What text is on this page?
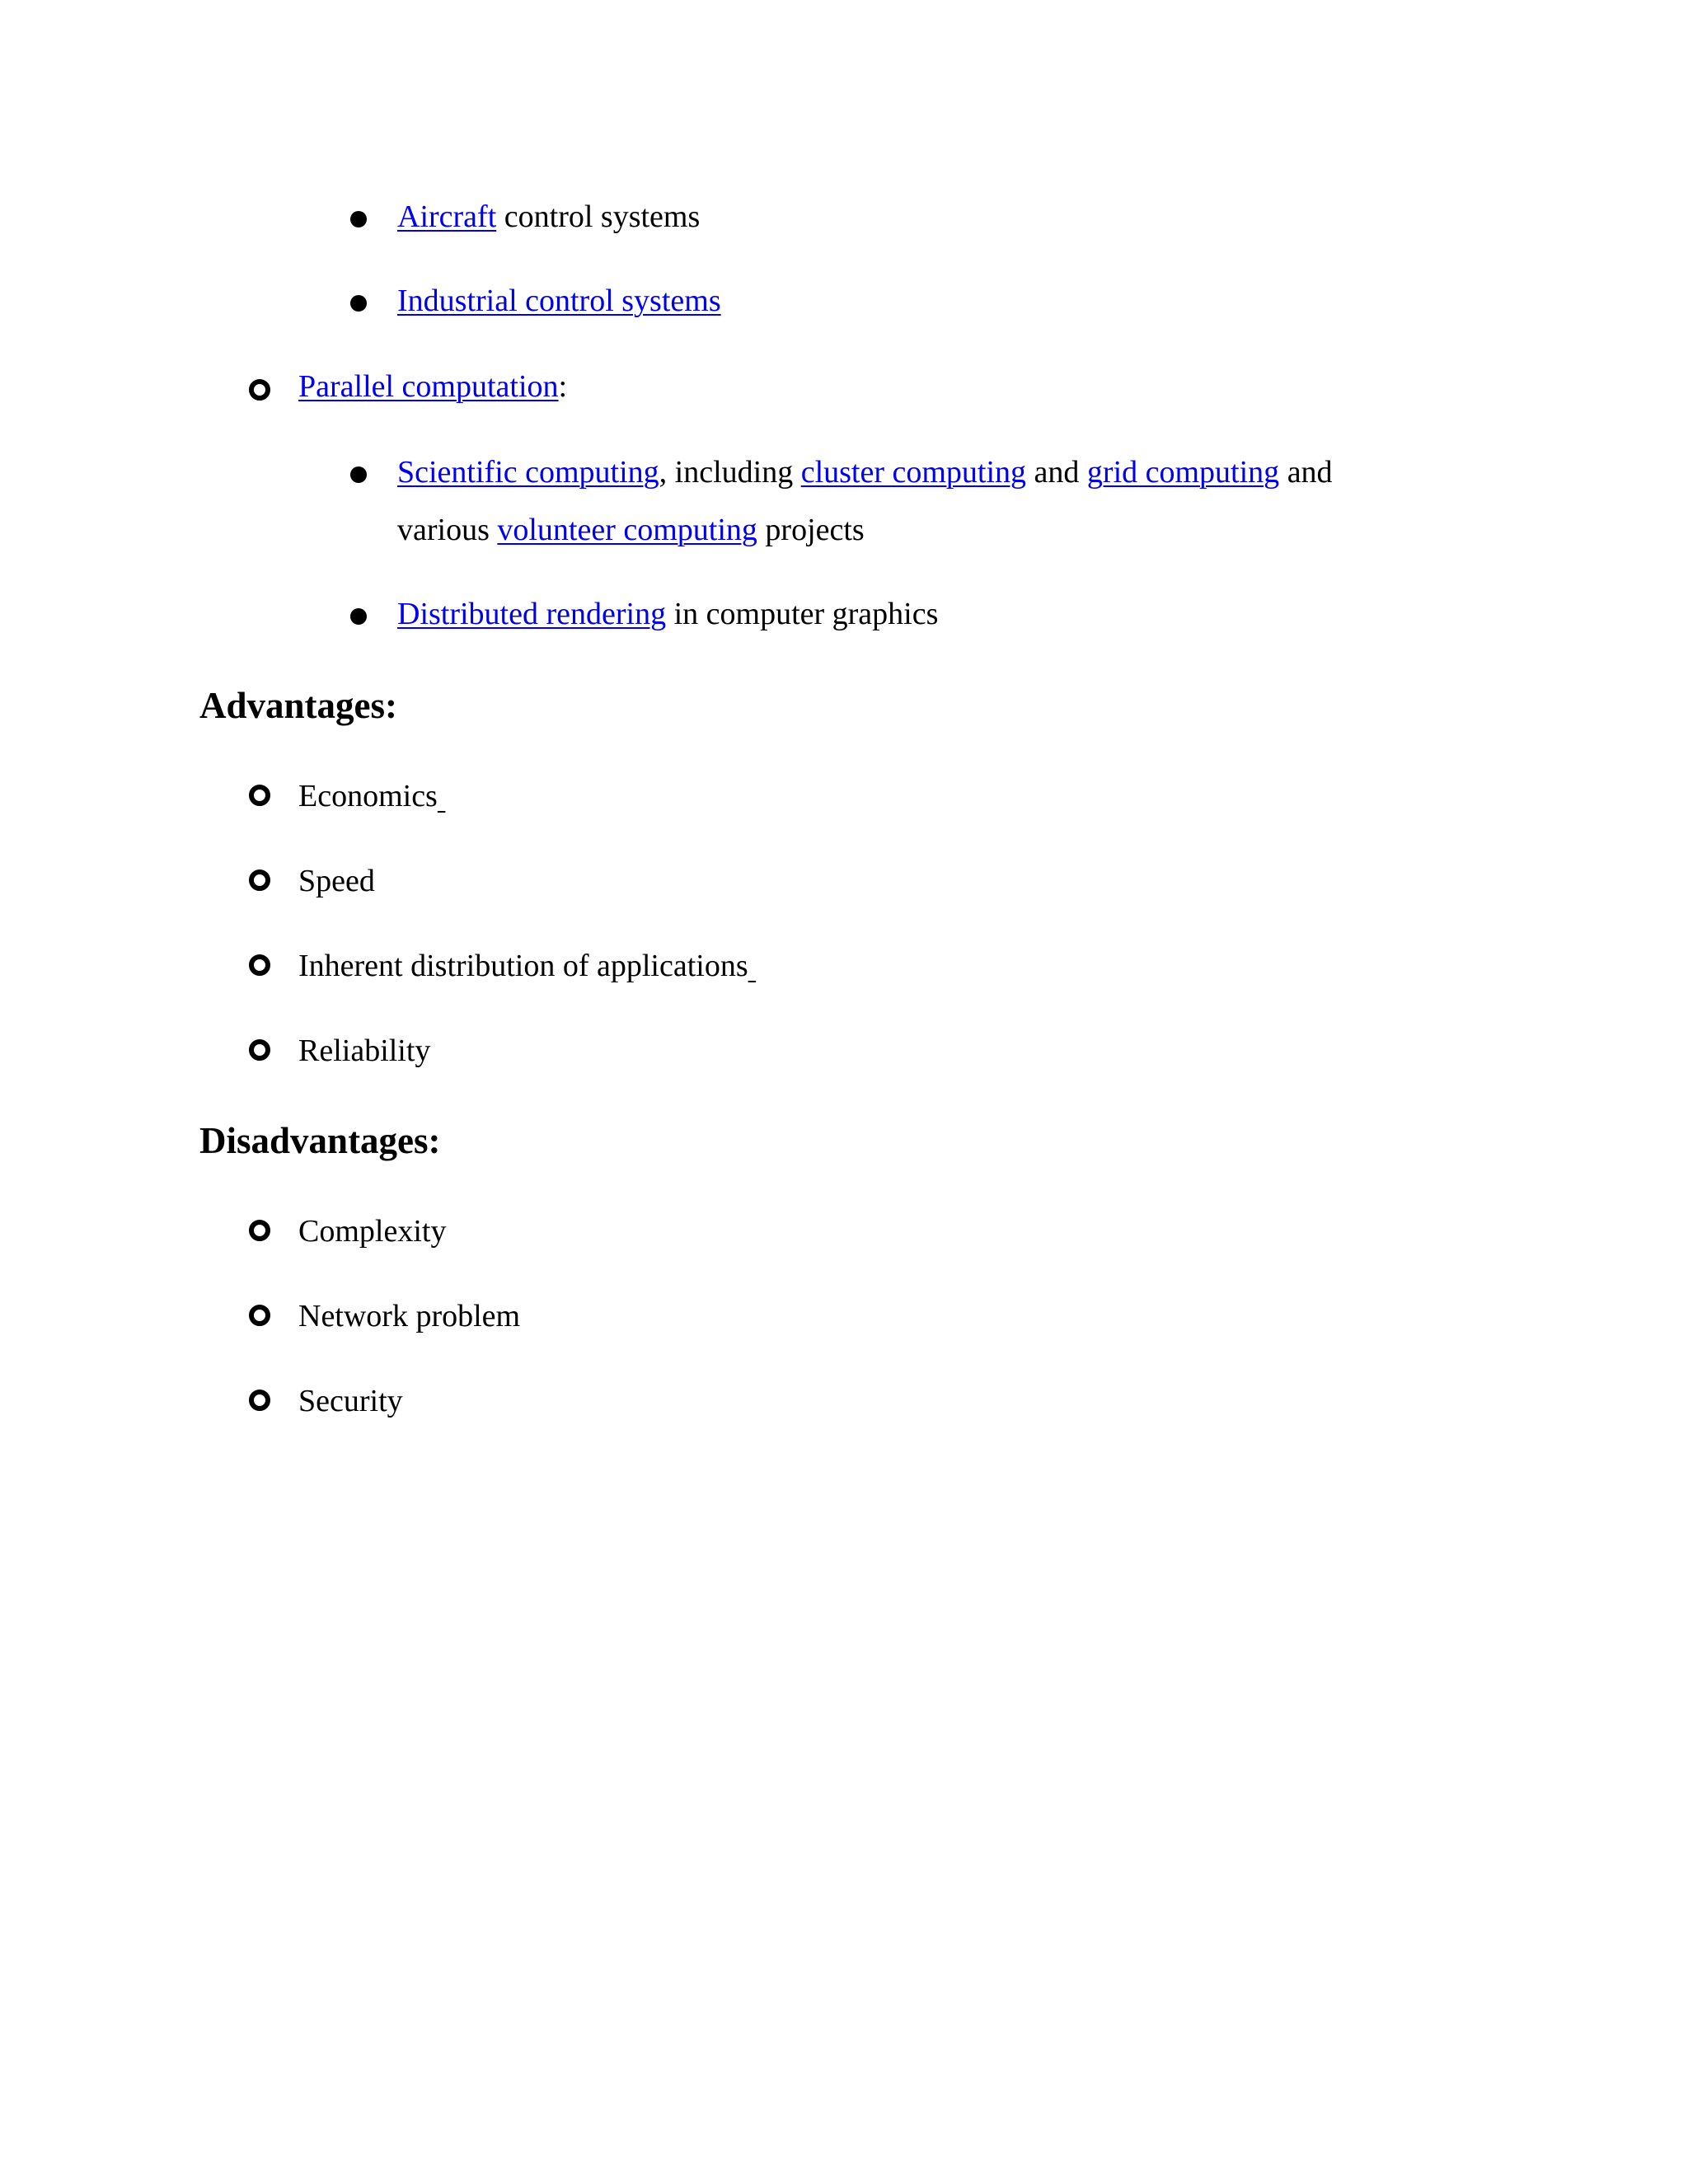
Aircraft control systems
Industrial control systems
Parallel computation:
Scientific computing, including cluster computing and grid computing and
various volunteer computing projects
Distributed rendering in computer graphics
Advantages:
Economics
Speed
Inherent distribution of applications
Reliability
Disadvantages:
Complexity
Network problem
Security
